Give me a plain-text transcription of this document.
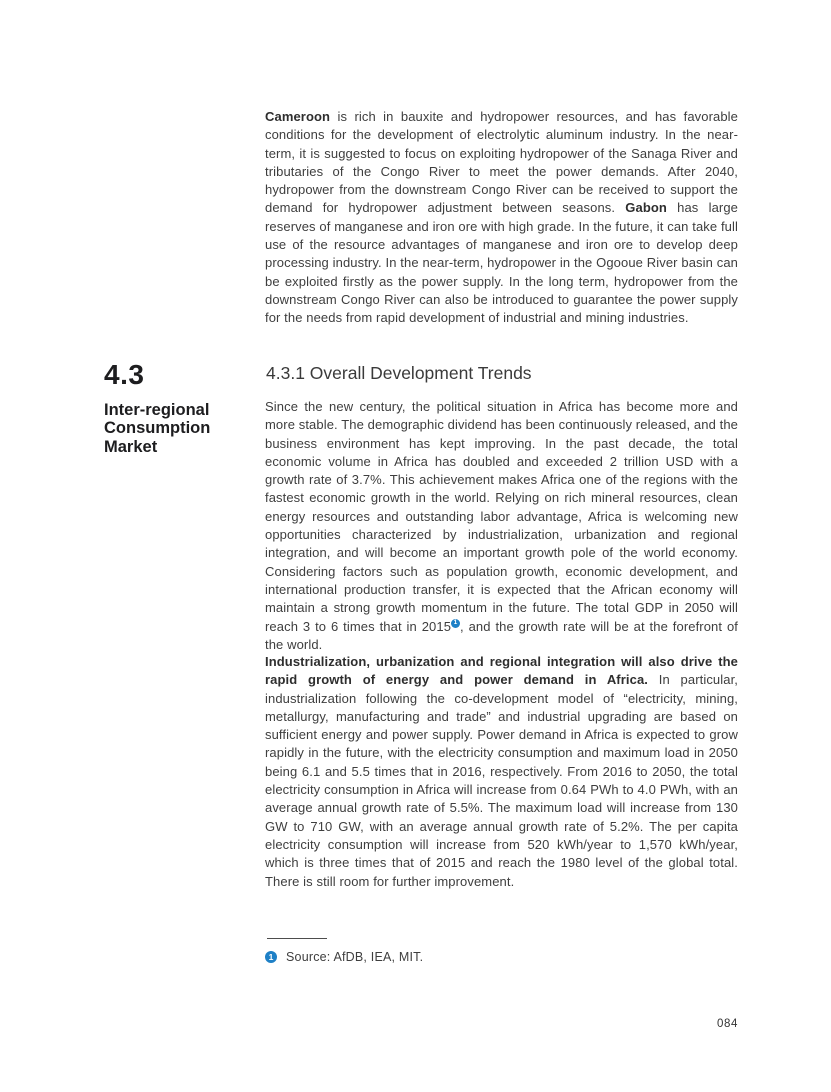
4.3
Inter-regional
Consumption
Market

Cameroon is rich in bauxite and hydropower resources, and has favorable conditions for the development of electrolytic aluminum industry. In the near-term, it is suggested to focus on exploiting hydropower of the Sanaga River and tributaries of the Congo River to meet the power demands. After 2040, hydropower from the downstream Congo River can be received to support the demand for hydropower adjustment between seasons. Gabon has large reserves of manganese and iron ore with high grade. In the future, it can take full use of the resource advantages of manganese and iron ore to develop deep processing industry. In the near-term, hydropower in the Ogooue River basin can be exploited firstly as the power supply. In the long term, hydropower from the downstream Congo River can also be introduced to guarantee the power supply for the needs from rapid development of industrial and mining industries.

4.3.1 Overall Development Trends

Since the new century, the political situation in Africa has become more and more stable. The demographic dividend has been continuously released, and the business environment has kept improving. In the past decade, the total economic volume in Africa has doubled and exceeded 2 trillion USD with a growth rate of 3.7%. This achievement makes Africa one of the regions with the fastest economic growth in the world. Relying on rich mineral resources, clean energy resources and outstanding labor advantage, Africa is welcoming new opportunities characterized by industrialization, urbanization and regional integration, and will become an important growth pole of the world economy. Considering factors such as population growth, economic development, and international production transfer, it is expected that the African economy will maintain a strong growth momentum in the future. The total GDP in 2050 will reach 3 to 6 times that in 2015 $^1$ , and the growth rate will be at the forefront of the world.

Industrialization, urbanization and regional integration will also drive the rapid growth of energy and power demand in Africa. In particular, industrialization following the co-development model of “electricity, mining, metallurgy, manufacturing and trade” and industrial upgrading are based on sufficient energy and power supply. Power demand in Africa is expected to grow rapidly in the future, with the electricity consumption and maximum load in 2050 being 6.1 and 5.5 times that in 2016, respectively. From 2016 to 2050, the total electricity consumption in Africa will increase from 0.64 PWh to 4.0 PWh, with an average annual growth rate of 5.5%. The maximum load will increase from 130 GW to 710 GW, with an average annual growth rate of 5.2%. The per capita electricity consumption will increase from 520 kWh/year to 1,570 kWh/year, which is three times that of 2015 and reach the 1980 level of the global total. There is still room for further improvement.

1 Source: AfDB, IEA, MIT.
084
